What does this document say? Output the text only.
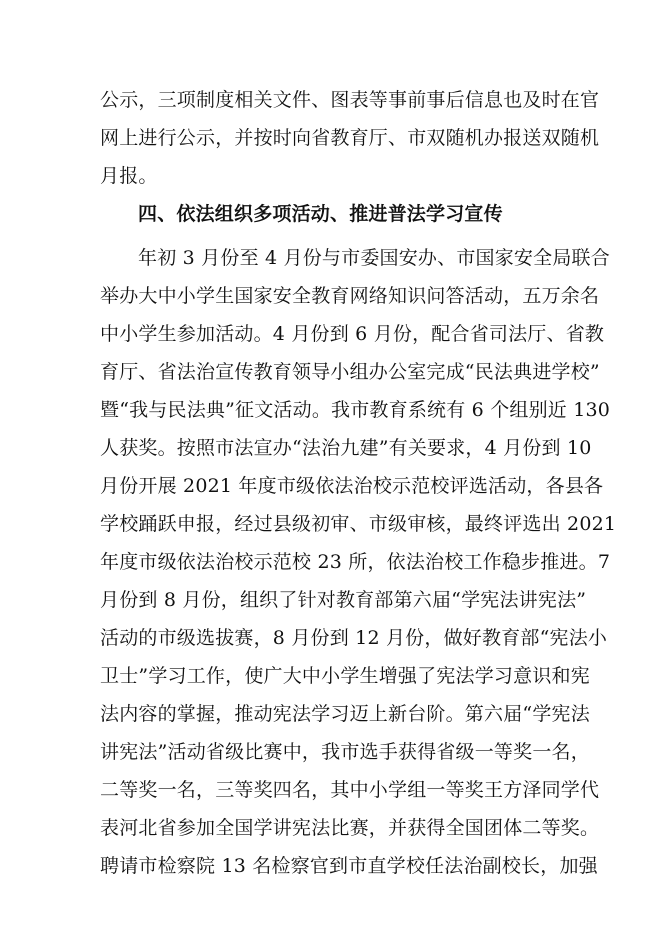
公示，三项制度相关文件、图表等事前事后信息也及时在官
网上进行公示，并按时向省教育厅、市双随机办报送双随机
月报。
四、依法组织多项活动、推进普法学习宣传
年初 3 月份至 4 月份与市委国安办、市国家安全局联合
举办大中小学生国家安全教育网络知识问答活动，五万余名
中小学生参加活动。4 月份到 6 月份，配合省司法厅、省教
育厅、省法治宣传教育领导小组办公室完成“民法典进学校”
暨“我与民法典”征文活动。我市教育系统有 6 个组别近 130
人获奖。按照市法宣办“法治九建”有关要求，4 月份到 10
月份开展 2021 年度市级依法治校示范校评选活动，各县各
学校踊跃申报，经过县级初审、市级审核，最终评选出 2021
年度市级依法治校示范校 23 所，依法治校工作稳步推进。7
月份到 8 月份，组织了针对教育部第六届“学宪法讲宪法”
活动的市级选拔赛，8 月份到 12 月份，做好教育部“宪法小
卫士”学习工作，使广大中小学生增强了宪法学习意识和宪
法内容的掌握，推动宪法学习迈上新台阶。第六届“学宪法
讲宪法”活动省级比赛中，我市选手获得省级一等奖一名，
二等奖一名，三等奖四名，其中小学组一等奖王方泽同学代
表河北省参加全国学讲宪法比赛，并获得全国团体二等奖。
聘请市检察院 13 名检察官到市直学校任法治副校长，加强
